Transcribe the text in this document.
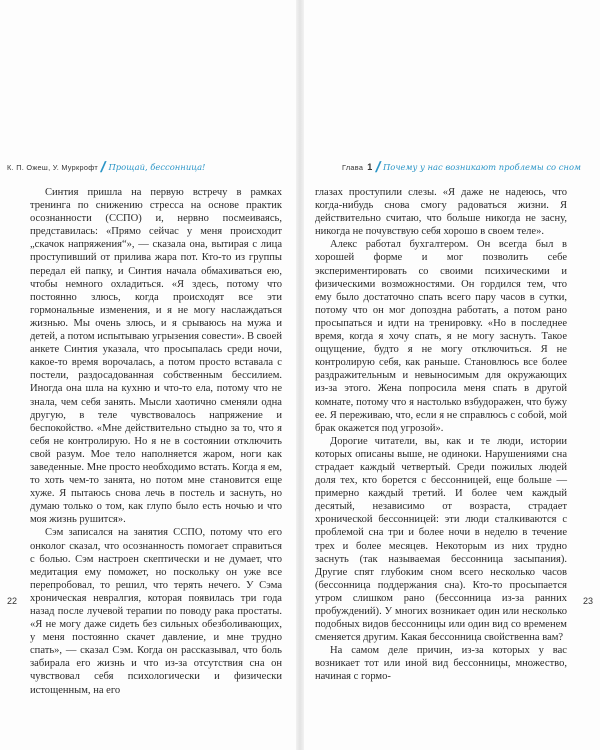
К. П. Ожеш, У. Муркрофт / Прощай, бессонница!

Синтия пришла на первую встречу в рамках тренинга по снижению стресса на основе практик осознанности (ССПО) и, нервно посмеиваясь, представилась: «Прямо сейчас у меня происходит „скачок напряжения“», — сказала она, вытирая с лица проступивший от прилива жара пот. Кто-то из группы передал ей папку, и Синтия начала обмахиваться ею, чтобы немного охладиться. «Я здесь, потому что постоянно злюсь, когда происходят все эти гормональные изменения, и я не могу наслаждаться жизнью. Мы очень злюсь, и я срываюсь на мужа и детей, а потом испытываю угрызения совести». В своей анкете Синтия указала, что просыпалась среди ночи, какое-то время ворочалась, а потом просто вставала с постели, раздосадованная собственным бессилием. Иногда она шла на кухню и что-то ела, потому что не знала, чем себя занять. Мысли хаотично сменяли одна другую, в теле чувствовалось напряжение и беспокойство. «Мне действительно стыдно за то, что я себя не контролирую. Но я не в состоянии отключить свой разум. Мое тело наполняется жаром, ноги как заведенные. Мне просто необходимо встать. Когда я ем, то хоть чем-то занята, но потом мне становится еще хуже. Я пытаюсь снова лечь в постель и заснуть, но думаю только о том, как глупо было есть ночью и что моя жизнь рушится».

Сэм записался на занятия ССПО, потому что его онколог сказал, что осознанность помогает справиться с болью. Сэм настроен скептически и не думает, что медитация ему поможет, но поскольку он уже все перепробовал, то решил, что терять нечего. У Сэма хроническая невралгия, которая появилась три года назад после лучевой терапии по поводу рака простаты. «Я не могу даже сидеть без сильных обезболивающих, у меня постоянно скачет давление, и мне трудно спать», — сказал Сэм. Когда он рассказывал, что боль забирала его жизнь и что из-за отсутствия сна он чувствовал себя психологически и физически истощенным, на его

22
Глава 1 / Почему у нас возникают проблемы со сном

глазах проступили слезы. «Я даже не надеюсь, что когда-нибудь снова смогу радоваться жизни. Я действительно считаю, что больше никогда не засну, никогда не почувствую себя хорошо в своем теле».

Алекс работал бухгалтером. Он всегда был в хорошей форме и мог позволить себе экспериментировать со своими психическими и физическими возможностями. Он гордился тем, что ему было достаточно спать всего пару часов в сутки, потому что он мог допоздна работать, а потом рано просыпаться и идти на тренировку. «Но в последнее время, когда я хочу спать, я не могу заснуть. Такое ощущение, будто я не могу отключиться. Я не контролирую себя, как раньше. Становлюсь все более раздражительным и невыносимым для окружающих из-за этого. Жена попросила меня спать в другой комнате, потому что я настолько взбудоражен, что бужу ее. Я переживаю, что, если я не справлюсь с собой, мой брак окажется под угрозой».

Дорогие читатели, вы, как и те люди, истории которых описаны выше, не одиноки. Нарушениями сна страдает каждый четвертый. Среди пожилых людей доля тех, кто борется с бессонницей, еще больше — примерно каждый третий. И более чем каждый десятый, независимо от возраста, страдает хронической бессонницей: эти люди сталкиваются с проблемой сна три и более ночи в неделю в течение трех и более месяцев. Некоторым из них трудно заснуть (так называемая бессонница засыпания). Другие спят глубоким сном всего несколько часов (бессонница поддержания сна). Кто-то просыпается утром слишком рано (бессонница из-за ранних пробуждений). У многих возникает один или несколько подобных видов бессонницы или один вид со временем сменяется другим. Какая бессонница свойственна вам?

На самом деле причин, из-за которых у вас возникает тот или иной вид бессонницы, множество, начиная с гормо-

23
